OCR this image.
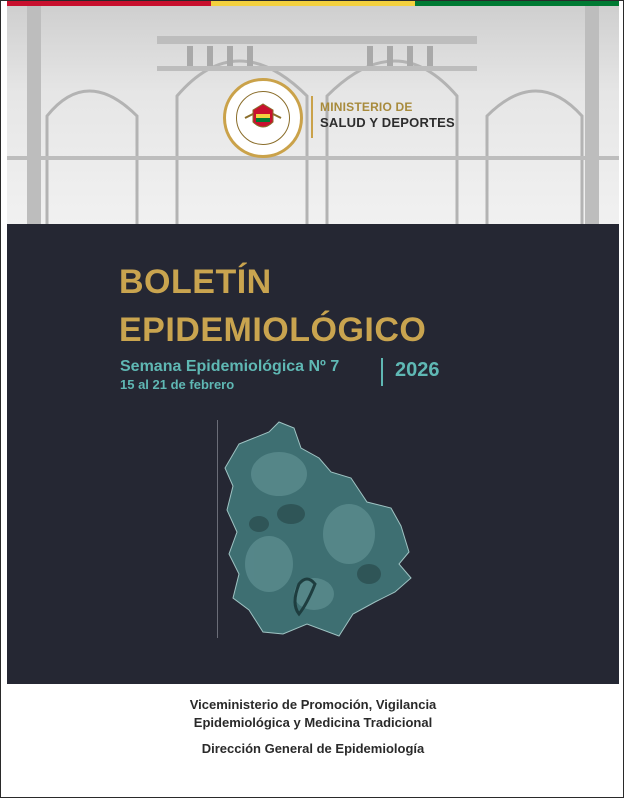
MINISTERIO DE
SALUD Y DEPORTES
BOLETÍN
EPIDEMIOLÓGICO
Semana Epidemiológica Nº 7
15 al 21 de febrero
2026
Viceministerio de Promoción, Vigilancia
Epidemiológica y Medicina Tradicional
Dirección General de Epidemiología
